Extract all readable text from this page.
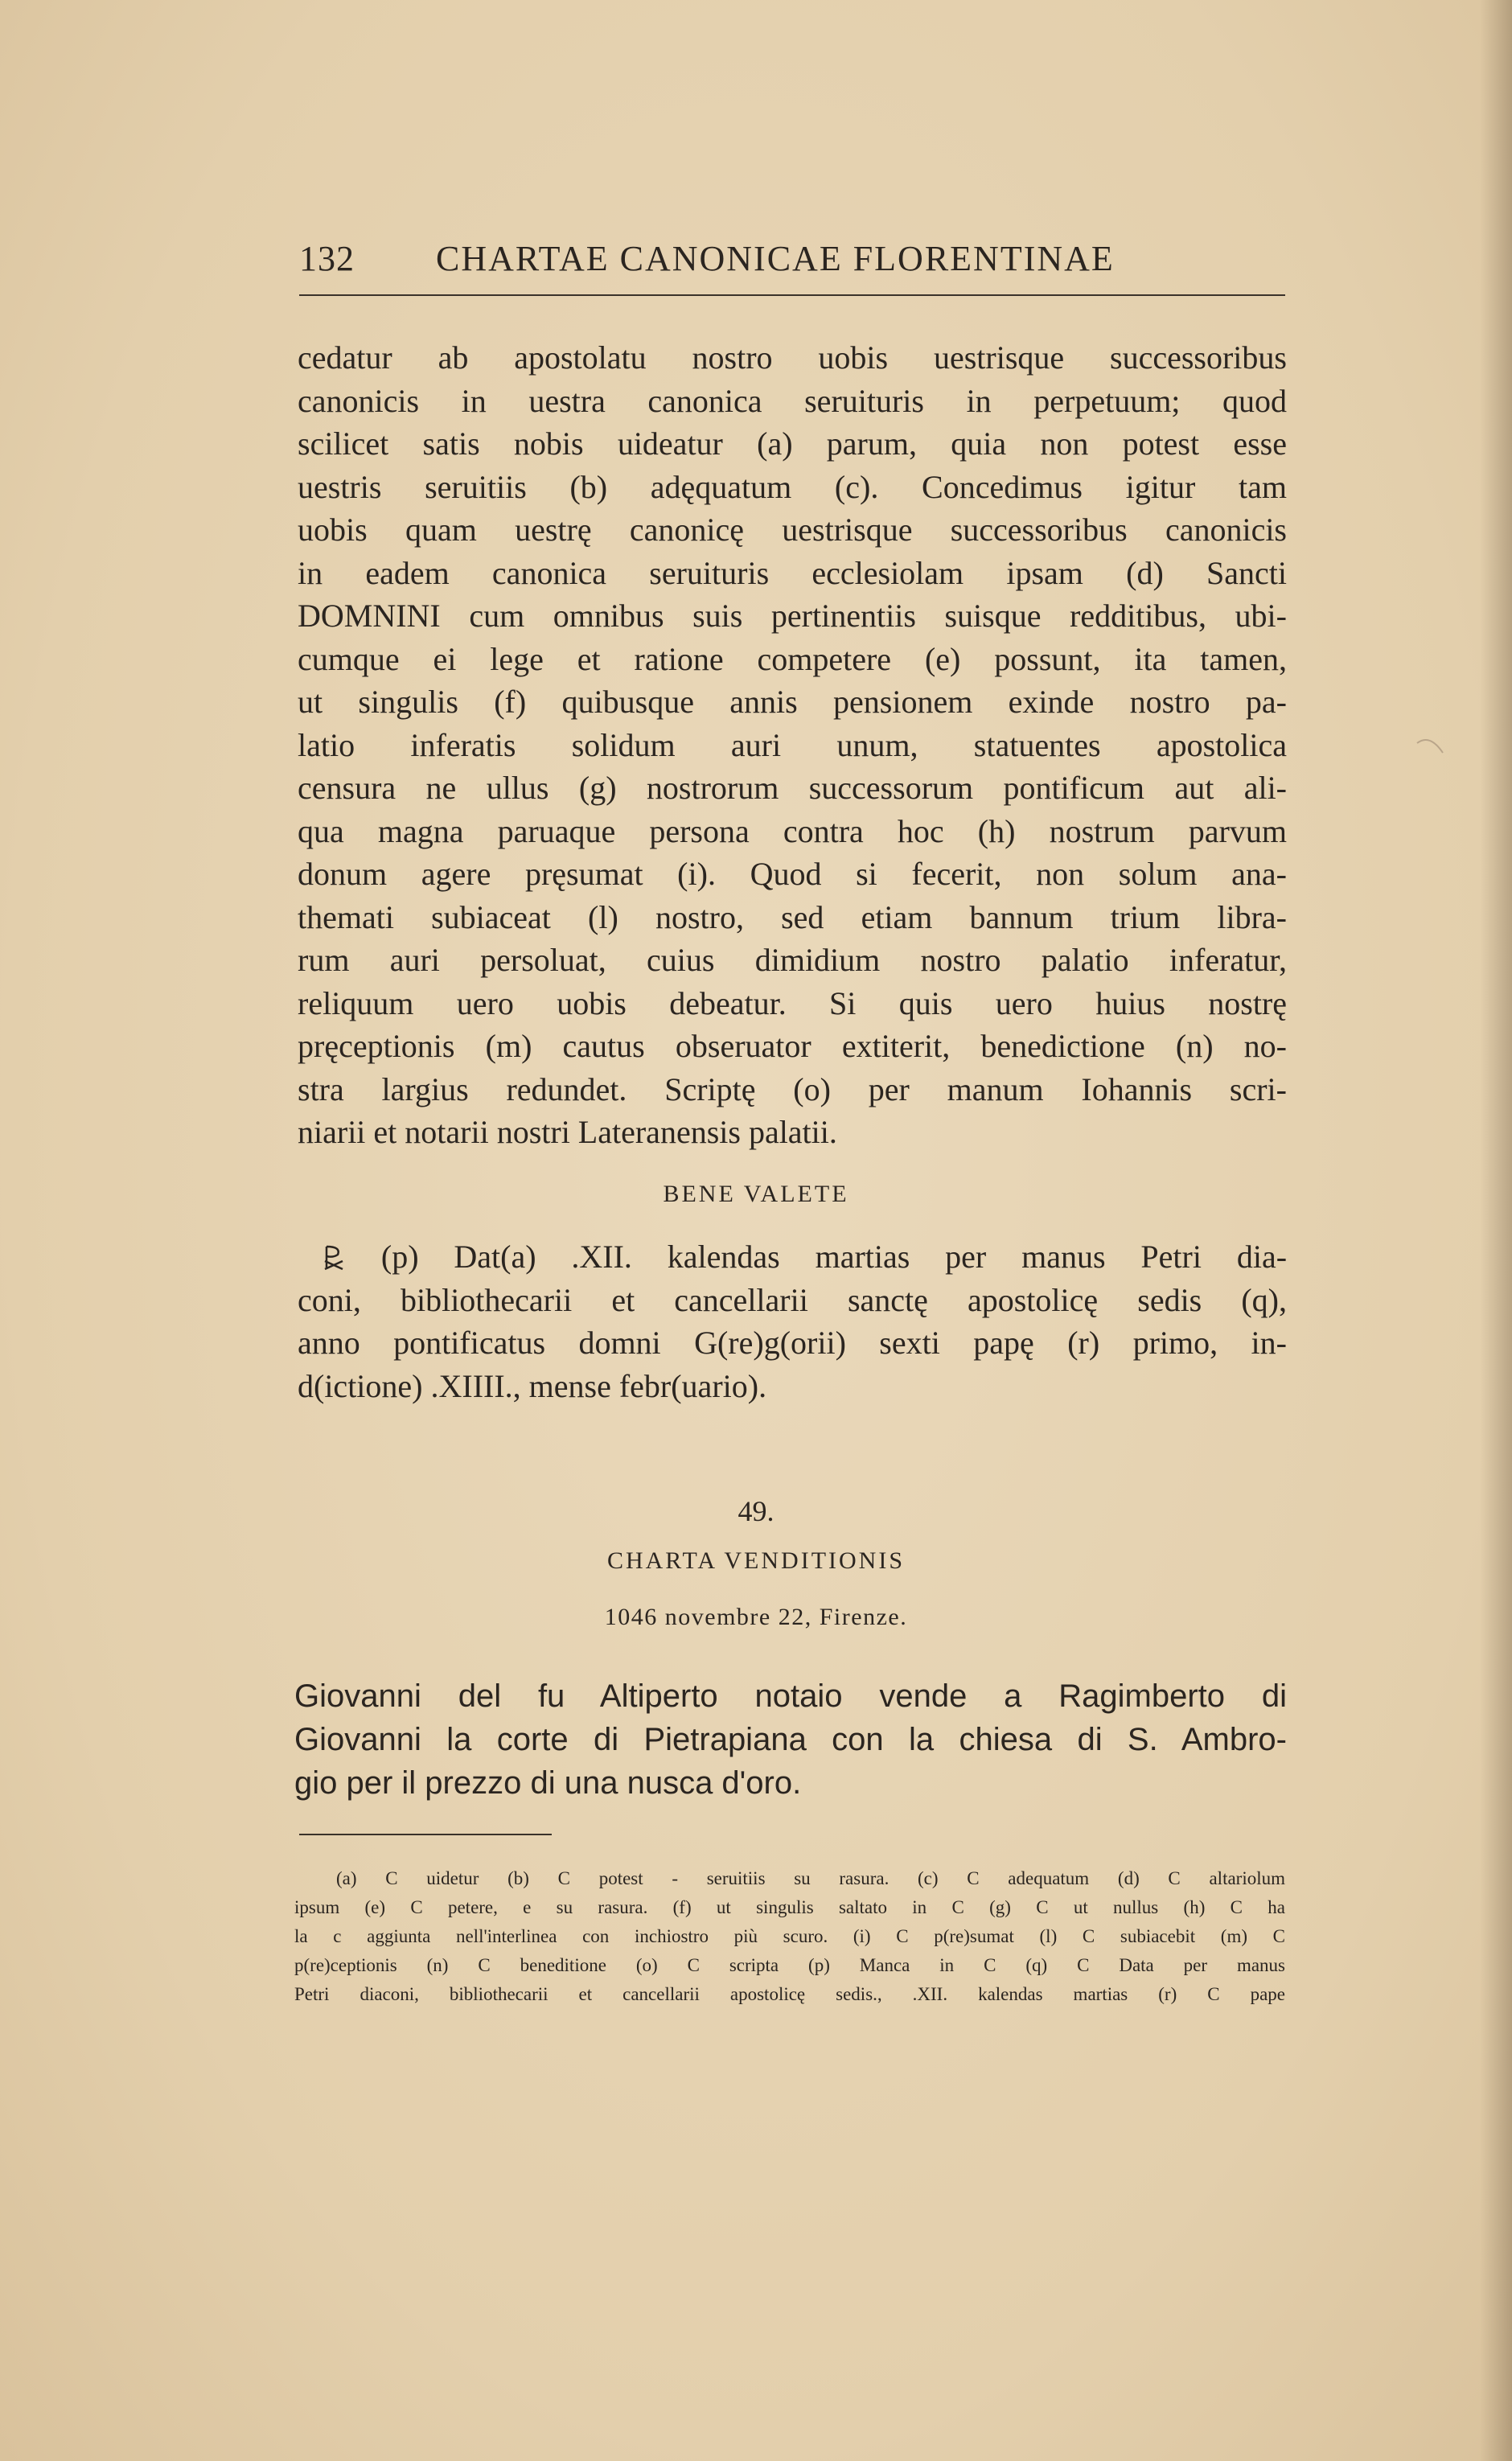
132 CHARTAE CANONICAE FLORENTINAE
cedatur ab apostolatu nostro uobis uestrisque successoribus
canonicis in uestra canonica seruituris in perpetuum; quod
scilicet satis nobis uideatur (a) parum, quia non potest esse
uestris seruitiis (b) adęquatum (c). Concedimus igitur tam
uobis quam uestrę canonicę uestrisque successoribus canonicis
in eadem canonica seruituris ecclesiolam ipsam (d) Sancti
DOMNINI cum omnibus suis pertinentiis suisque redditibus, ubi-
cumque ei lege et ratione competere (e) possunt, ita tamen,
ut singulis (f) quibusque annis pensionem exinde nostro pa-
latio inferatis solidum auri unum, statuentes apostolica
censura ne ullus (g) nostrorum successorum pontificum aut ali-
qua magna paruaque persona contra hoc (h) nostrum parvum
donum agere pręsumat (i). Quod si fecerit, non solum ana-
themati subiaceat (l) nostro, sed etiam bannum trium libra-
rum auri persoluat, cuius dimidium nostro palatio inferatur,
reliquum uero uobis debeatur. Si quis uero huius nostrę
pręceptionis (m) cautus obseruator extiterit, benedictione (n) no-
stra largius redundet. Scriptę (o) per manum Iohannis scri-
niarii et notarii nostri Lateranensis palatii.
BENE VALETE
(p) Dat(a) .XII. kalendas martias per manus Petri dia-
coni, bibliothecarii et cancellarii sanctę apostolicę sedis (q),
anno pontificatus domni G(re)g(orii) sexti papę (r) primo, in-
d(ictione) .XIIII., mense febr(uario).
49.
CHARTA VENDITIONIS
1046 novembre 22, Firenze.
Giovanni del fu Altiperto notaio vende a Ragimberto di
Giovanni la corte di Pietrapiana con la chiesa di S. Ambro-
gio per il prezzo di una nusca d'oro.
(a) C uidetur (b) C potest - seruitiis su rasura. (c) C adequatum (d) C altariolum
ipsum (e) C petere, e su rasura. (f) ut singulis saltato in C (g) C ut nullus (h) C ha
la c aggiunta nell'interlinea con inchiostro più scuro. (i) C p(re)sumat (l) C subiacebit (m) C
p(re)ceptionis (n) C beneditione (o) C scripta (p) Manca in C (q) C Data per manus
Petri diaconi, bibliothecarii et cancellarii apostolicę sedis., .XII. kalendas martias (r) C pape
